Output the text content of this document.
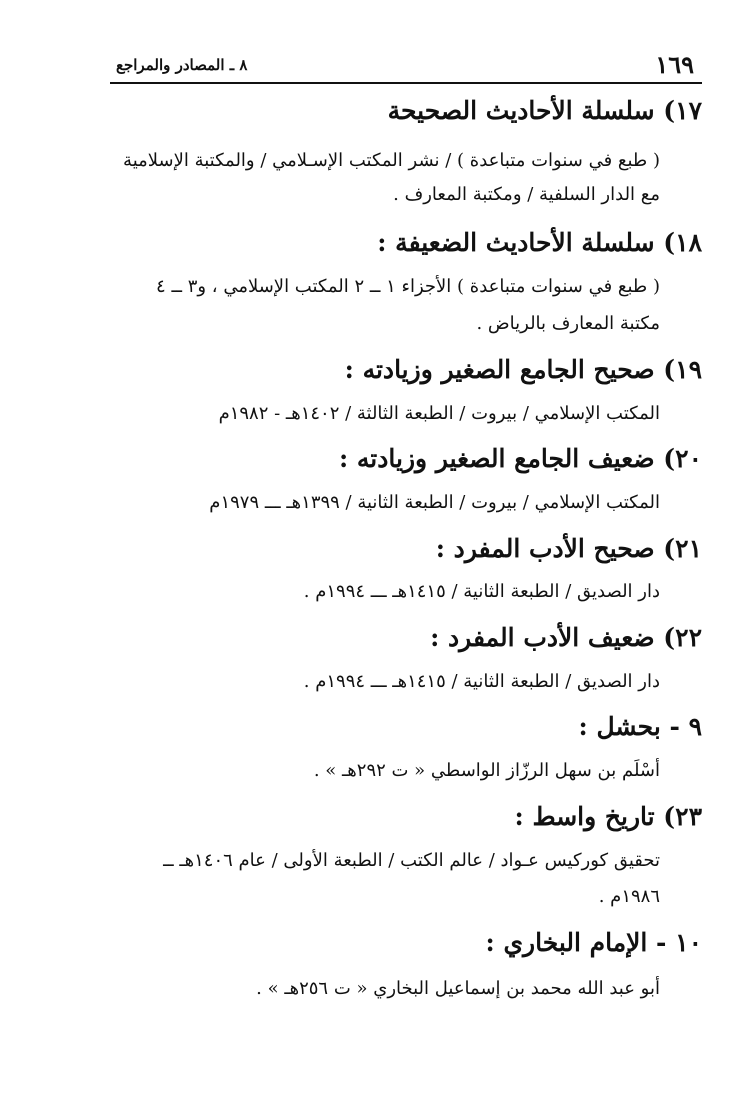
١٦٩
٨ ـ المصادر والمراجع
١٧) سلسلة الأحاديث الصحيحة
( طبع في سنوات متباعدة ) / نشر المكتب الإسـلامي / والمكتبة الإسلامية
مع الدار السلفية / ومكتبة المعارف .
١٨) سلسلة الأحاديث الضعيفة :
( طبع في سنوات متباعدة ) الأجزاء ١ ــ ٢ المكتب الإسلامي ، و٣ ــ ٤
مكتبة المعارف بالرياض .
١٩) صحيح الجامع الصغير وزيادته :
المكتب الإسلامي / بيروت / الطبعة الثالثة / ١٤٠٢هـ - ١٩٨٢م
٢٠) ضعيف الجامع الصغير وزيادته :
المكتب الإسلامي / بيروت / الطبعة الثانية / ١٣٩٩هـ ـــ ١٩٧٩م
٢١) صحيح الأدب المفرد :
دار الصديق / الطبعة الثانية / ١٤١٥هـ ـــ ١٩٩٤م .
٢٢) ضعيف الأدب المفرد :
دار الصديق / الطبعة الثانية / ١٤١٥هـ ـــ ١٩٩٤م .
٩ - بحشل :
أسْلَم بن سهل الرزّاز الواسطي « ت ٢٩٢هـ » .
٢٣) تاريخ واسط :
تحقيق كوركيس عـواد / عالم الكتب / الطبعة الأولى / عام ١٤٠٦هـ ــ
١٩٨٦م .
١٠ - الإمام البخاري :
أبو عبد الله محمد بن إسماعيل البخاري « ت ٢٥٦هـ » .
